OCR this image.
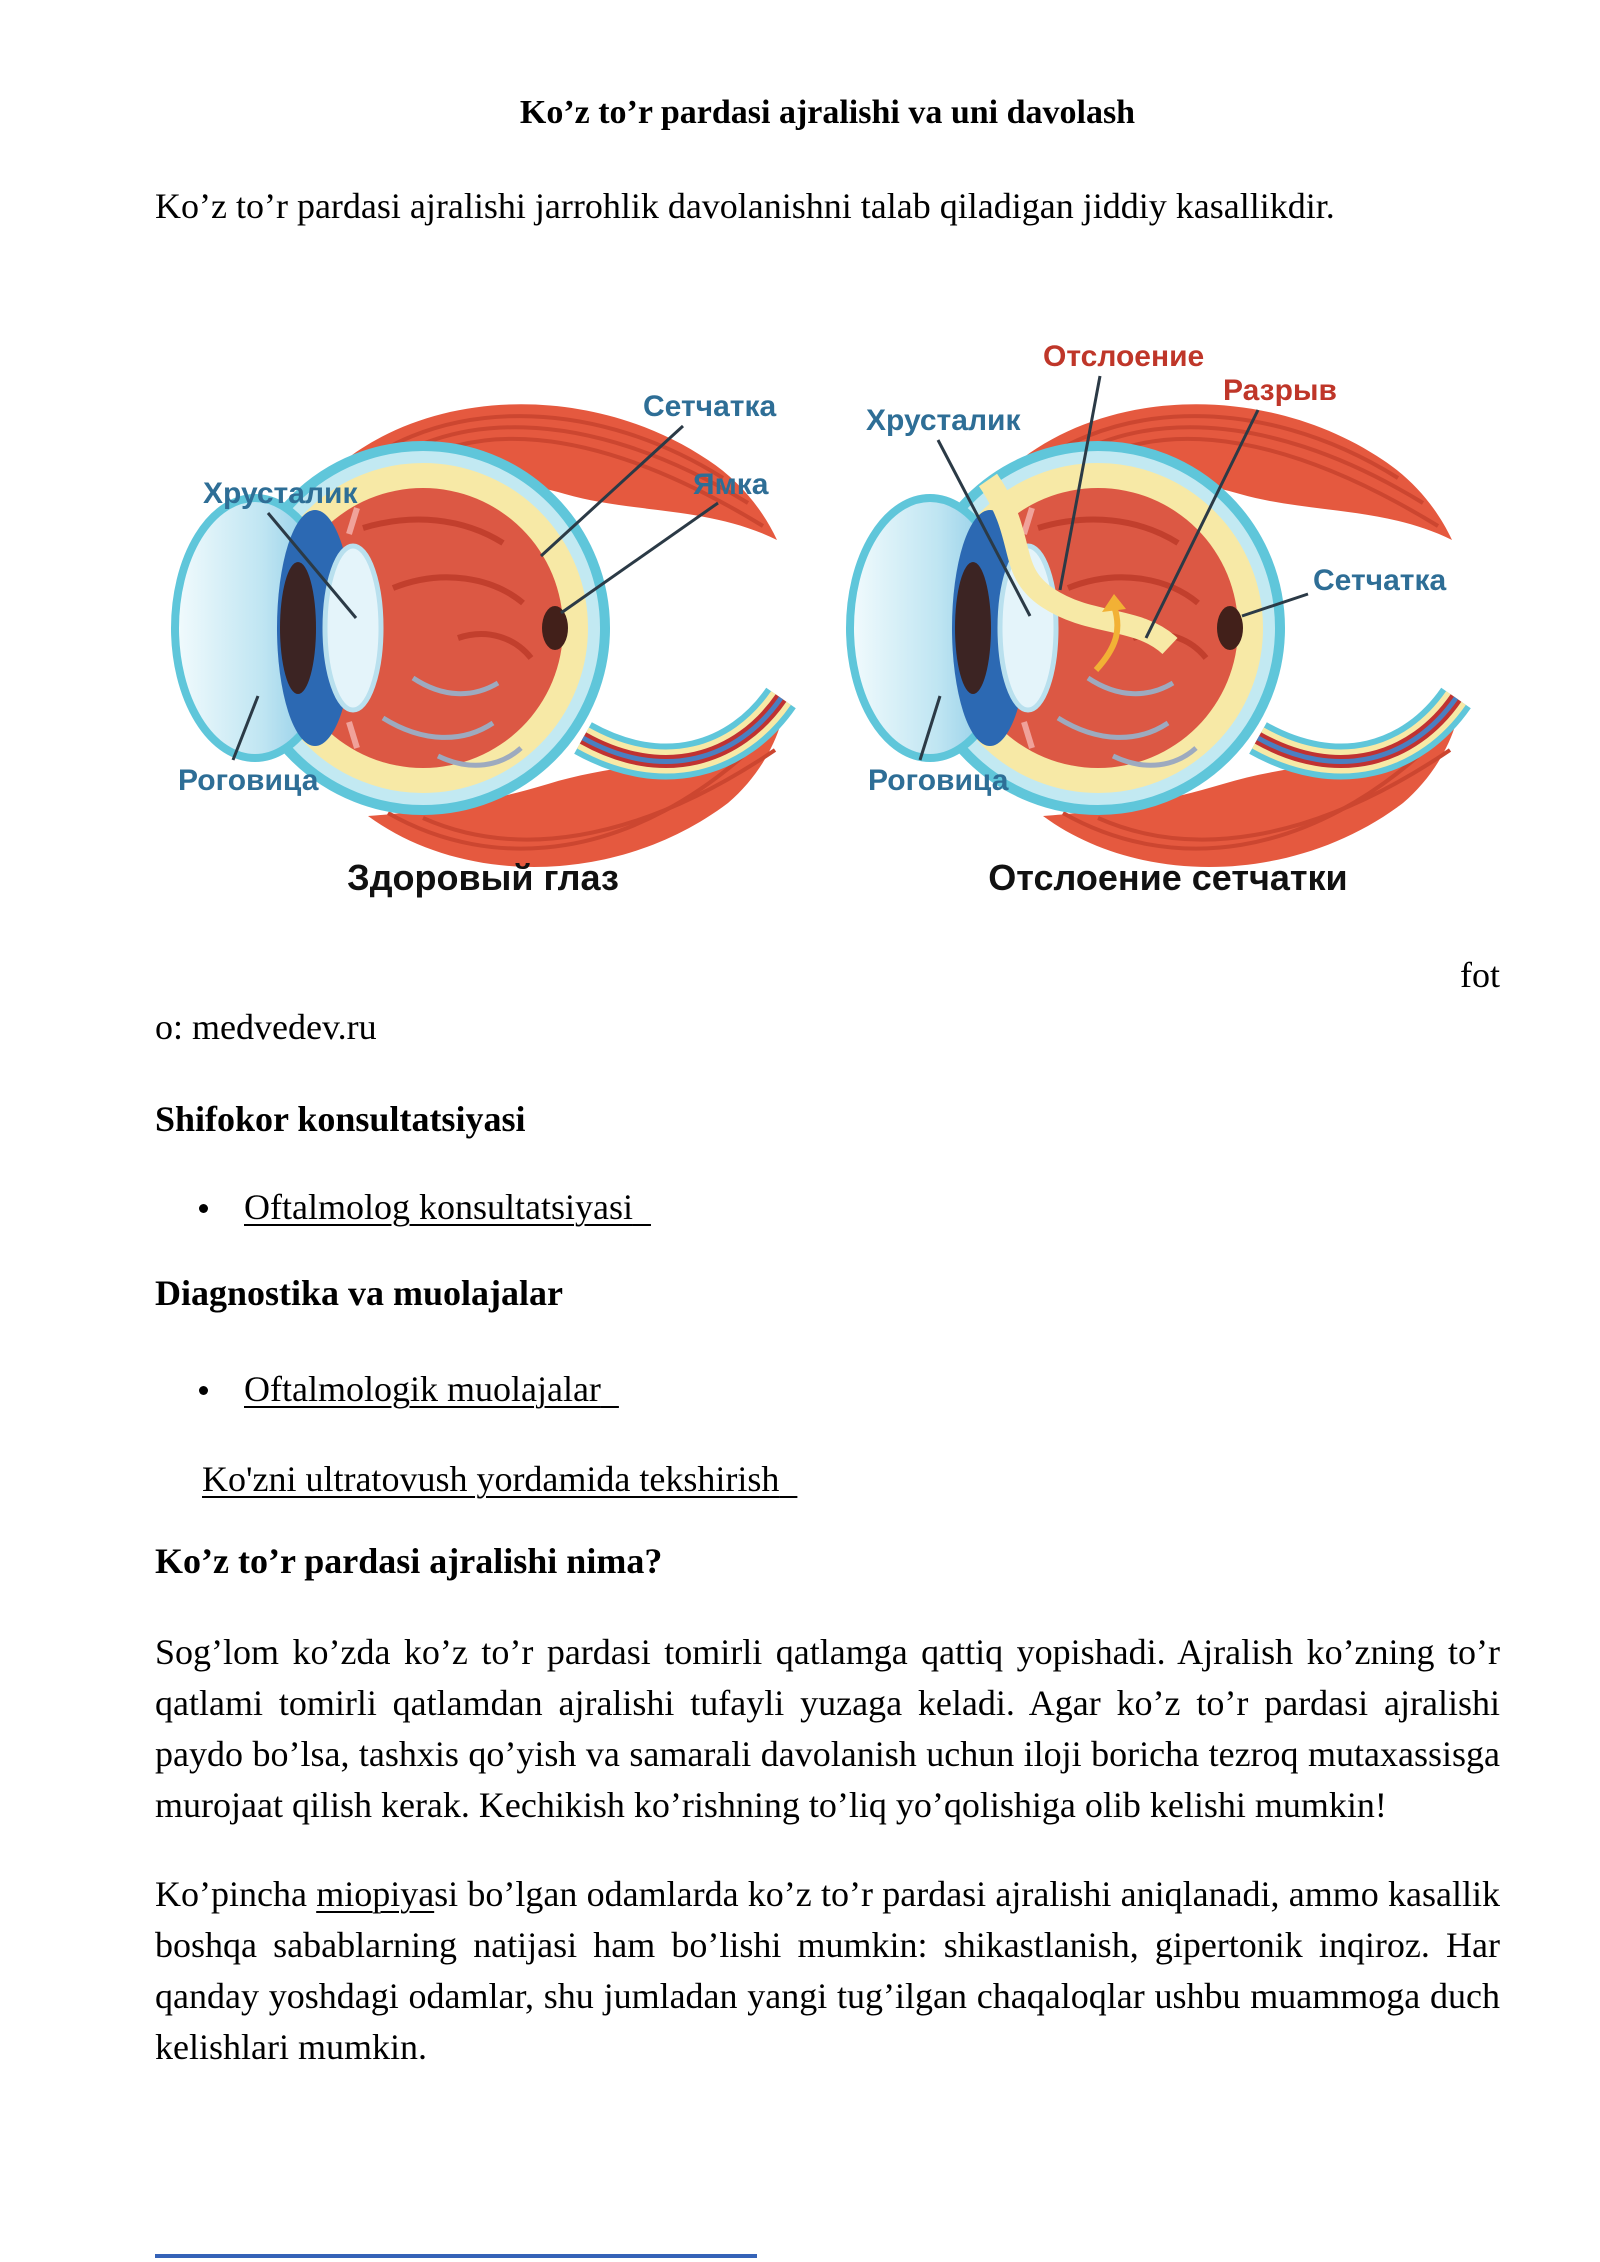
Ko’z to’r pardasi ajralishi va uni davolash
Ko’z to’r pardasi ajralishi jarrohlik davolanishni talab qiladigan jiddiy kasallikdir.
Хрусталик
Сетчатка
Ямка
Роговица
Здоровый глаз
Хрусталик
Отслоение
Разрыв
Сетчатка
Роговица
Отслоение сетчатки
fot
o: medvedev.ru
Shifokor konsultatsiyasi
Oftalmolog konsultatsiyasi
Diagnostika va muolajalar
Oftalmologik muolajalar
Ko'zni ultratovush yordamida tekshirish
Ko’z to’r pardasi ajralishi nima?
Sog’lom ko’zda ko’z to’r pardasi tomirli qatlamga qattiq yopishadi. Ajralish ko’zning to’r qatlami tomirli qatlamdan ajralishi tufayli yuzaga keladi. Agar ko’z to’r pardasi ajralishi paydo bo’lsa, tashxis qo’yish va samarali davolanish uchun iloji boricha tezroq mutaxassisga murojaat qilish kerak. Kechikish ko’rishning to’liq yo’qolishiga olib kelishi mumkin!
Ko’pincha miopiyasi bo’lgan odamlarda ko’z to’r pardasi ajralishi aniqlanadi, ammo kasallik boshqa sabablarning natijasi ham bo’lishi mumkin: shikastlanish, gipertonik inqiroz. Har qanday yoshdagi odamlar, shu jumladan yangi tug’ilgan chaqaloqlar ushbu muammoga duch kelishlari mumkin.
